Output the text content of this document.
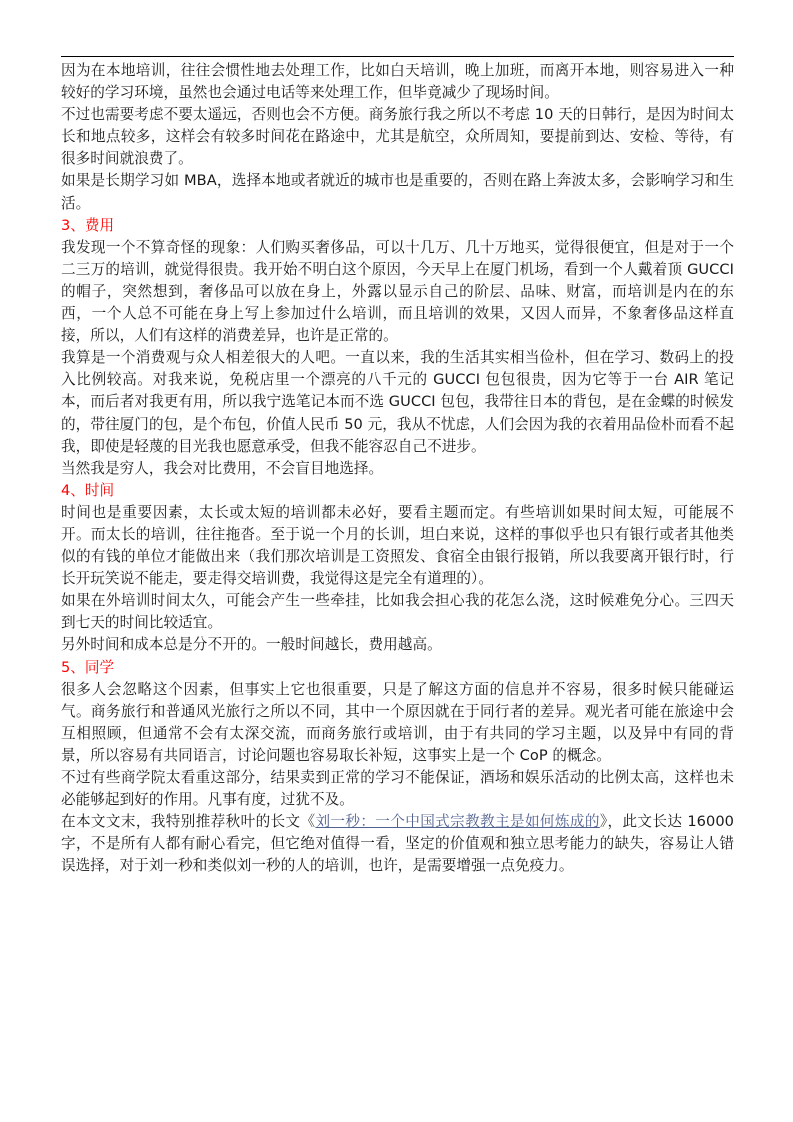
因为在本地培训，往往会惯性地去处理工作，比如白天培训，晚上加班，而离开本地，则容易进入一种较好的学习环境，虽然也会通过电话等来处理工作，但毕竟减少了现场时间。

不过也需要考虑不要太遥远，否则也会不方便。商务旅行我之所以不考虑 10 天的日韩行，是因为时间太长和地点较多，这样会有较多时间花在路途中，尤其是航空，众所周知，要提前到达、安检、等待，有很多时间就浪费了。

如果是长期学习如 MBA，选择本地或者就近的城市也是重要的，否则在路上奔波太多，会影响学习和生活。

3、费用

我发现一个不算奇怪的现象：人们购买奢侈品，可以十几万、几十万地买，觉得很便宜，但是对于一个二三万的培训，就觉得很贵。我开始不明白这个原因，今天早上在厦门机场，看到一个人戴着顶 GUCCI 的帽子，突然想到，奢侈品可以放在身上，外露以显示自己的阶层、品味、财富，而培训是内在的东西，一个人总不可能在身上写上参加过什么培训，而且培训的效果，又因人而异，不象奢侈品这样直接，所以，人们有这样的消费差异，也许是正常的。

我算是一个消费观与众人相差很大的人吧。一直以来，我的生活其实相当俭朴，但在学习、数码上的投入比例较高。对我来说，免税店里一个漂亮的八千元的 GUCCI 包包很贵，因为它等于一台 AIR 笔记本，而后者对我更有用，所以我宁选笔记本而不选 GUCCI 包包，我带往日本的背包，是在金蝶的时候发的，带往厦门的包，是个布包，价值人民币 50 元，我从不忧虑，人们会因为我的衣着用品俭朴而看不起我，即使是轻蔑的目光我也愿意承受，但我不能容忍自己不进步。

当然我是穷人，我会对比费用，不会盲目地选择。

4、时间

时间也是重要因素，太长或太短的培训都未必好，要看主题而定。有些培训如果时间太短，可能展不开。而太长的培训，往往拖沓。至于说一个月的长训，坦白来说，这样的事似乎也只有银行或者其他类似的有钱的单位才能做出来（我们那次培训是工资照发、食宿全由银行报销，所以我要离开银行时，行长开玩笑说不能走，要走得交培训费，我觉得这是完全有道理的）。

如果在外培训时间太久，可能会产生一些牵挂，比如我会担心我的花怎么浇，这时候难免分心。三四天到七天的时间比较适宜。

另外时间和成本总是分不开的。一般时间越长，费用越高。

5、同学

很多人会忽略这个因素，但事实上它也很重要，只是了解这方面的信息并不容易，很多时候只能碰运气。商务旅行和普通风光旅行之所以不同，其中一个原因就在于同行者的差异。观光者可能在旅途中会互相照顾，但通常不会有太深交流，而商务旅行或培训，由于有共同的学习主题，以及异中有同的背景，所以容易有共同语言，讨论问题也容易取长补短，这事实上是一个 CoP 的概念。

不过有些商学院太看重这部分，结果卖到正常的学习不能保证，酒场和娱乐活动的比例太高，这样也未必能够起到好的作用。凡事有度，过犹不及。

在本文文末，我特别推荐秋叶的长文《刘一秒：一个中国式宗教教主是如何炼成的》，此文长达 16000 字，不是所有人都有耐心看完，但它绝对值得一看，坚定的价值观和独立思考能力的缺失，容易让人错误选择，对于刘一秒和类似刘一秒的人的培训，也许，是需要增强一点免疫力。
